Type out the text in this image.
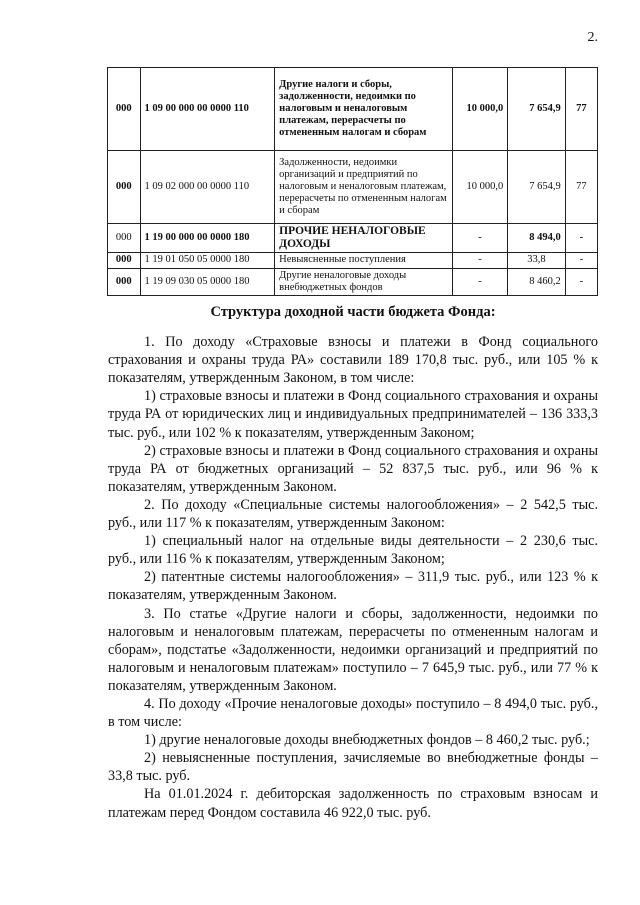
2.
000	1 09 00 000 00 0000 110	Другие налоги и сборы, задолженности, недоимки по налоговым и неналоговым платежам, перерасчеты по отмененным налогам и сборам	10 000,0	7 654,9	77
000	1 09 02 000 00 0000 110	Задолженности, недоимки организаций и предприятий по налоговым и неналоговым платежам, перерасчеты по отмененным налогам и сборам	10 000,0	7 654,9	77
000	1 19 00 000 00 0000 180	ПРОЧИЕ НЕНАЛОГОВЫЕ ДОХОДЫ	-	8 494,0	-
000	1 19 01 050 05 0000 180	Невыясненные поступления	-	33,8	-
000	1 19 09 030 05 0000 180	Другие неналоговые доходы внебюджетных фондов	-	8 460,2	-
Структура доходной части бюджета Фонда:

1. По доходу «Страховые взносы и платежи в Фонд социального страхования и охраны труда РА» составили 189 170,8 тыс. руб., или 105 % к показателям, утвержденным Законом, в том числе:

1) страховые взносы и платежи в Фонд социального страхования и охраны труда РА от юридических лиц и индивидуальных предпринимателей – 136 333,3 тыс. руб., или 102 % к показателям, утвержденным Законом;

2) страховые взносы и платежи в Фонд социального страхования и охраны труда РА от бюджетных организаций – 52 837,5 тыс. руб., или 96 % к показателям, утвержденным Законом.

2. По доходу «Специальные системы налогообложения» – 2 542,5 тыс. руб., или 117 % к показателям, утвержденным Законом:

1) специальный налог на отдельные виды деятельности – 2 230,6 тыс. руб., или 116 % к показателям, утвержденным Законом;

2) патентные системы налогообложения» – 311,9 тыс. руб., или 123 % к показателям, утвержденным Законом.

3. По статье «Другие налоги и сборы, задолженности, недоимки по налоговым и неналоговым платежам, перерасчеты по отмененным налогам и сборам», подстатье «Задолженности, недоимки организаций и предприятий по налоговым и неналоговым платежам» поступило – 7 645,9 тыс. руб., или 77 % к показателям, утвержденным Законом.

4. По доходу «Прочие неналоговые доходы» поступило – 8 494,0 тыс. руб., в том числе:

1) другие неналоговые доходы внебюджетных фондов – 8 460,2 тыс. руб.;

2) невыясненные поступления, зачисляемые во внебюджетные фонды – 33,8 тыс. руб.

На 01.01.2024 г. дебиторская задолженность по страховым взносам и платежам перед Фондом составила 46 922,0 тыс. руб.
